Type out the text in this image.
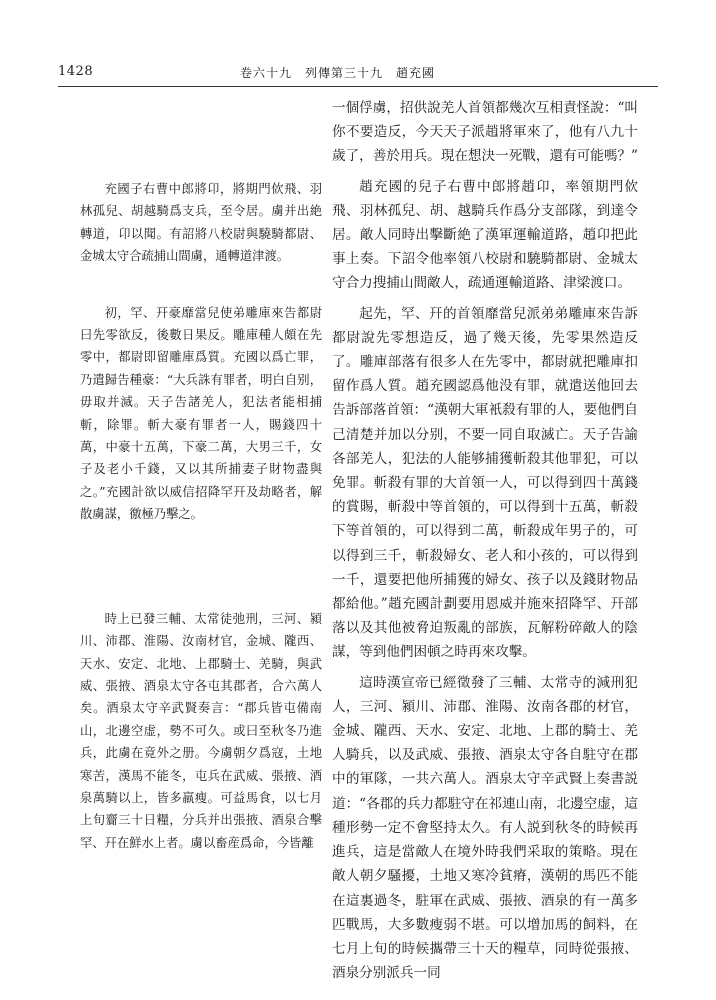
1428	卷六十九　列傳第三十九　趙充國

充國子右曹中郎將卬，將期門佽飛、羽林孤兒、胡越騎爲支兵，至令居。虜并出絶轉道，卬以聞。有詔將八校尉與驍騎都尉、金城太守合疏捕山間虜，通轉道津渡。

初，罕、幵豪靡當兒使弟雕庫來告都尉曰先零欲反，後數日果反。雕庫種人頗在先零中，都尉即留雕庫爲質。充國以爲亡罪，乃遣歸告種豪：“大兵誅有罪者，明白自别，毋取并滅。天子告諸羌人，犯法者能相捕斬，除罪。斬大豪有罪者一人，賜錢四十萬，中豪十五萬，下豪二萬，大男三千，女子及老小千錢，又以其所捕妻子財物盡與之。”充國計欲以威信招降罕幵及劫略者，解散虜謀，徼極乃擊之。

時上已發三輔、太常徒弛刑，三河、潁川、沛郡、淮陽、汝南材官，金城、隴西、天水、安定、北地、上郡騎士、羌騎，與武威、張掖、酒泉太守各屯其郡者，合六萬人矣。酒泉太守辛武賢奏言：“郡兵皆屯備南山，北邊空虚，勢不可久。或曰至秋冬乃進兵，此虜在竟外之册。今虜朝夕爲寇，土地寒苦，漢馬不能冬，屯兵在武威、張掖、酒泉萬騎以上，皆多羸瘦。可益馬食，以七月上旬齎三十日糧，分兵并出張掖、酒泉合擊罕、幵在鮮水上者。虜以畜産爲命，今皆離

一個俘虜，招供說羌人首領都幾次互相責怪說：“叫你不要造反，今天天子派趙將軍來了，他有八九十歲了，善於用兵。現在想決一死戰，還有可能嗎？”

趙充國的兒子右曹中郎將趙卬，率領期門佽飛、羽林孤兒、胡、越騎兵作爲分支部隊，到達令居。敵人同時出擊斷絶了漢軍運輸道路，趙卬把此事上奏。下詔令他率領八校尉和驍騎都尉、金城太守合力搜捕山間敵人，疏通運輸道路、津梁渡口。

起先，罕、幵的首領靡當兒派弟弟雕庫來告訴都尉說先零想造反，過了幾天後，先零果然造反了。雕庫部落有很多人在先零中，都尉就把雕庫扣留作爲人質。趙充國認爲他没有罪，就遣送他回去告訴部落首領：“漢朝大軍衹殺有罪的人，要他們自己清楚并加以分别，不要一同自取滅亡。天子告諭各部羌人，犯法的人能够捕獲斬殺其他罪犯，可以免罪。斬殺有罪的大首領一人，可以得到四十萬錢的賞賜，斬殺中等首領的，可以得到十五萬，斬殺下等首領的，可以得到二萬，斬殺成年男子的，可以得到三千，斬殺婦女、老人和小孩的，可以得到一千，還要把他所捕獲的婦女、孩子以及錢財物品都給他。”趙充國計劃要用恩威并施來招降罕、幵部落以及其他被脅迫叛亂的部族，瓦解粉碎敵人的陰謀，等到他們困頓之時再來攻擊。

這時漢宣帝已經徵發了三輔、太常寺的減刑犯人，三河、潁川、沛郡、淮陽、汝南各郡的材官，金城、隴西、天水、安定、北地、上郡的騎士、羌人騎兵，以及武威、張掖、酒泉太守各自駐守在郡中的軍隊，一共六萬人。酒泉太守辛武賢上奏書説道：“各郡的兵力都駐守在祁連山南，北邊空虚，這種形勢一定不會堅持太久。有人説到秋冬的時候再進兵，這是當敵人在境外時我們采取的策略。現在敵人朝夕騷擾，土地又寒冷貧瘠，漢朝的馬匹不能在這裏過冬，駐軍在武威、張掖、酒泉的有一萬多匹戰馬，大多數瘦弱不堪。可以增加馬的飼料，在七月上旬的時候攜帶三十天的糧草，同時從張掖、酒泉分别派兵一同
